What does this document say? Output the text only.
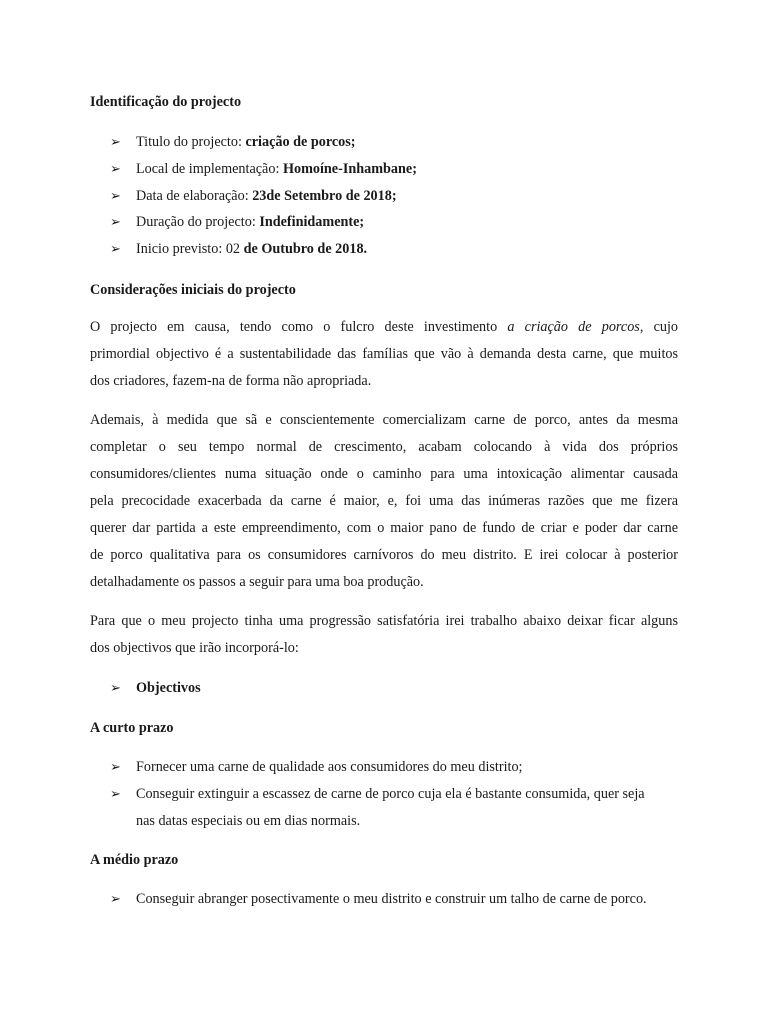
Identificação do projecto
➢ Titulo do projecto: criação de porcos;
➢ Local de implementação: Homoíne-Inhambane;
➢ Data de elaboração: 23de Setembro de 2018;
➢ Duração do projecto: Indefinidamente;
➢ Inicio previsto: 02 de Outubro de 2018.
Considerações iniciais do projecto
O projecto em causa, tendo como o fulcro deste investimento a criação de porcos, cujo
primordial objectivo é a sustentabilidade das famílias que vão à demanda desta carne, que muitos
dos criadores, fazem-na de forma não apropriada.
Ademais, à medida que sã e conscientemente comercializam carne de porco, antes da mesma
completar o seu tempo normal de crescimento, acabam colocando à vida dos próprios
consumidores/clientes numa situação onde o caminho para uma intoxicação alimentar causada
pela precocidade exacerbada da carne é maior, e, foi uma das inúmeras razões que me fizera
querer dar partida a este empreendimento, com o maior pano de fundo de criar e poder dar carne
de porco qualitativa para os consumidores carnívoros do meu distrito. E irei colocar à posterior
detalhadamente os passos a seguir para uma boa produção.
Para que o meu projecto tinha uma progressão satisfatória irei trabalho abaixo deixar ficar alguns
dos objectivos que irão incorporá-lo:
➢ Objectivos
A curto prazo
➢ Fornecer uma carne de qualidade aos consumidores do meu distrito;
➢ Conseguir extinguir a escassez de carne de porco cuja ela é bastante consumida, quer seja
nas datas especiais ou em dias normais.
A médio prazo
➢ Conseguir abranger posectivamente o meu distrito e construir um talho de carne de porco.
